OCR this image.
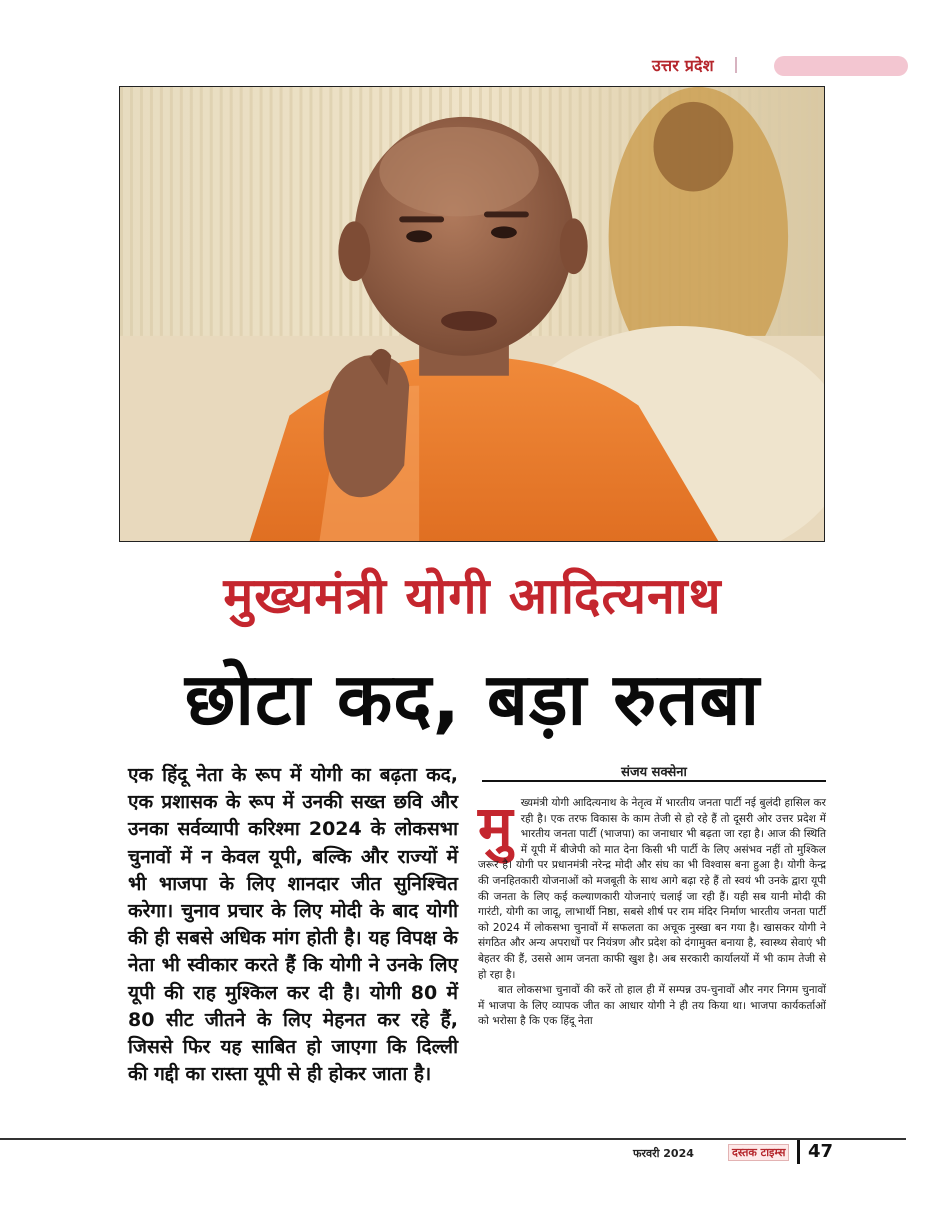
उत्तर प्रदेश
मुख्यमंत्री योगी आदित्यनाथ
छोटा कद, बड़ा रुतबा
एक हिंदू नेता के रूप में योगी का बढ़ता कद, एक प्रशासक के रूप में उनकी सख्त छवि और उनका सर्वव्यापी करिश्मा 2024 के लोकसभा चुनावों में न केवल यूपी, बल्कि और राज्यों में भी भाजपा के लिए शानदार जीत सुनिश्चित करेगा। चुनाव प्रचार के लिए मोदी के बाद योगी की ही सबसे अधिक मांग होती है। यह विपक्ष के नेता भी स्वीकार करते हैं कि योगी ने उनके लिए यूपी की राह मुश्किल कर दी है। योगी 80 में 80 सीट जीतने के लिए मेहनत कर रहे हैं, जिससे फिर यह साबित हो जाएगा कि दिल्ली की गद्दी का रास्ता यूपी से ही होकर जाता है।
संजय सक्सेना
मु ख्यमंत्री योगी आदित्यनाथ के नेतृत्व में भारतीय जनता पार्टी नई बुलंदी हासिल कर रही है। एक तरफ विकास के काम तेजी से हो रहे हैं तो दूसरी ओर उत्तर प्रदेश में भारतीय जनता पार्टी (भाजपा) का जनाधार भी बढ़ता जा रहा है। आज की स्थिति में यूपी में बीजेपी को मात देना किसी भी पार्टी के लिए असंभव नहीं तो मुश्किल जरूर है। योगी पर प्रधानमंत्री नरेन्द्र मोदी और संघ का भी विश्वास बना हुआ है। योगी केन्द्र की जनहितकारी योजनाओं को मजबूती के साथ आगे बढ़ा रहे हैं तो स्वयं भी उनके द्वारा यूपी की जनता के लिए कई कल्याणकारी योजनाएं चलाई जा रही हैं। यही सब यानी मोदी की गारंटी, योगी का जादू, लाभार्थी निष्ठा, सबसे शीर्ष पर राम मंदिर निर्माण भारतीय जनता पार्टी को 2024 में लोकसभा चुनावों में सफलता का अचूक नुस्खा बन गया है। खासकर योगी ने संगठित और अन्य अपराधों पर नियंत्रण और प्रदेश को दंगामुक्त बनाया है, स्वास्थ्य सेवाएं भी बेहतर की हैं, उससे आम जनता काफी खुश है। अब सरकारी कार्यालयों में भी काम तेजी से हो रहा है।

बात लोकसभा चुनावों की करें तो हाल ही में सम्पन्न उप-चुनावों और नगर निगम चुनावों में भाजपा के लिए व्यापक जीत का आधार योगी ने ही तय किया था। भाजपा कार्यकर्ताओं को भरोसा है कि एक हिंदू नेता

फरवरी 2024	दस्तक टाइम्स 47
